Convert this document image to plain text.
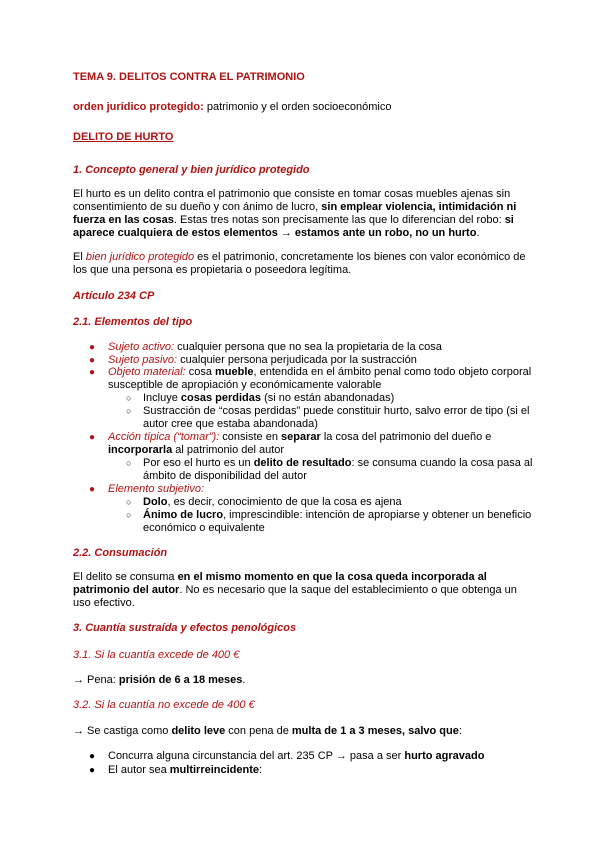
TEMA 9. DELITOS CONTRA EL PATRIMONIO
orden jurídico protegido: patrimonio y el orden socioeconómico
DELITO DE HURTO
1. Concepto general y bien jurídico protegido
El hurto es un delito contra el patrimonio que consiste en tomar cosas muebles ajenas sin consentimiento de su dueño y con ánimo de lucro, sin emplear violencia, intimidación ni fuerza en las cosas. Estas tres notas son precisamente las que lo diferencian del robo: si aparece cualquiera de estos elementos → estamos ante un robo, no un hurto.
El bien jurídico protegido es el patrimonio, concretamente los bienes con valor económico de los que una persona es propietaria o poseedora legítima.
Artículo 234 CP
2.1. Elementos del tipo
● Sujeto activo: cualquier persona que no sea la propietaria de la cosa
● Sujeto pasivo: cualquier persona perjudicada por la sustracción
● Objeto material: cosa mueble, entendida en el ámbito penal como todo objeto corporal susceptible de apropiación y económicamente valorable
○ Incluye cosas perdidas (si no están abandonadas)
○ Sustracción de “cosas perdidas” puede constituir hurto, salvo error de tipo (si el autor cree que estaba abandonada)
● Acción típica (“tomar”): consiste en separar la cosa del patrimonio del dueño e incorporarla al patrimonio del autor
○ Por eso el hurto es un delito de resultado: se consuma cuando la cosa pasa al ámbito de disponibilidad del autor
● Elemento subjetivo:
○ Dolo, es decir, conocimiento de que la cosa es ajena
○ Ánimo de lucro, imprescindible: intención de apropiarse y obtener un beneficio económico o equivalente
2.2. Consumación
El delito se consuma en el mismo momento en que la cosa queda incorporada al patrimonio del autor. No es necesario que la saque del establecimiento o que obtenga un uso efectivo.
3. Cuantía sustraída y efectos penológicos
3.1. Si la cuantía excede de 400 €
→ Pena: prisión de 6 a 18 meses.
3.2. Si la cuantía no excede de 400 €
→ Se castiga como delito leve con pena de multa de 1 a 3 meses, salvo que:
● Concurra alguna circunstancia del art. 235 CP → pasa a ser hurto agravado
● El autor sea multirreincidente:
